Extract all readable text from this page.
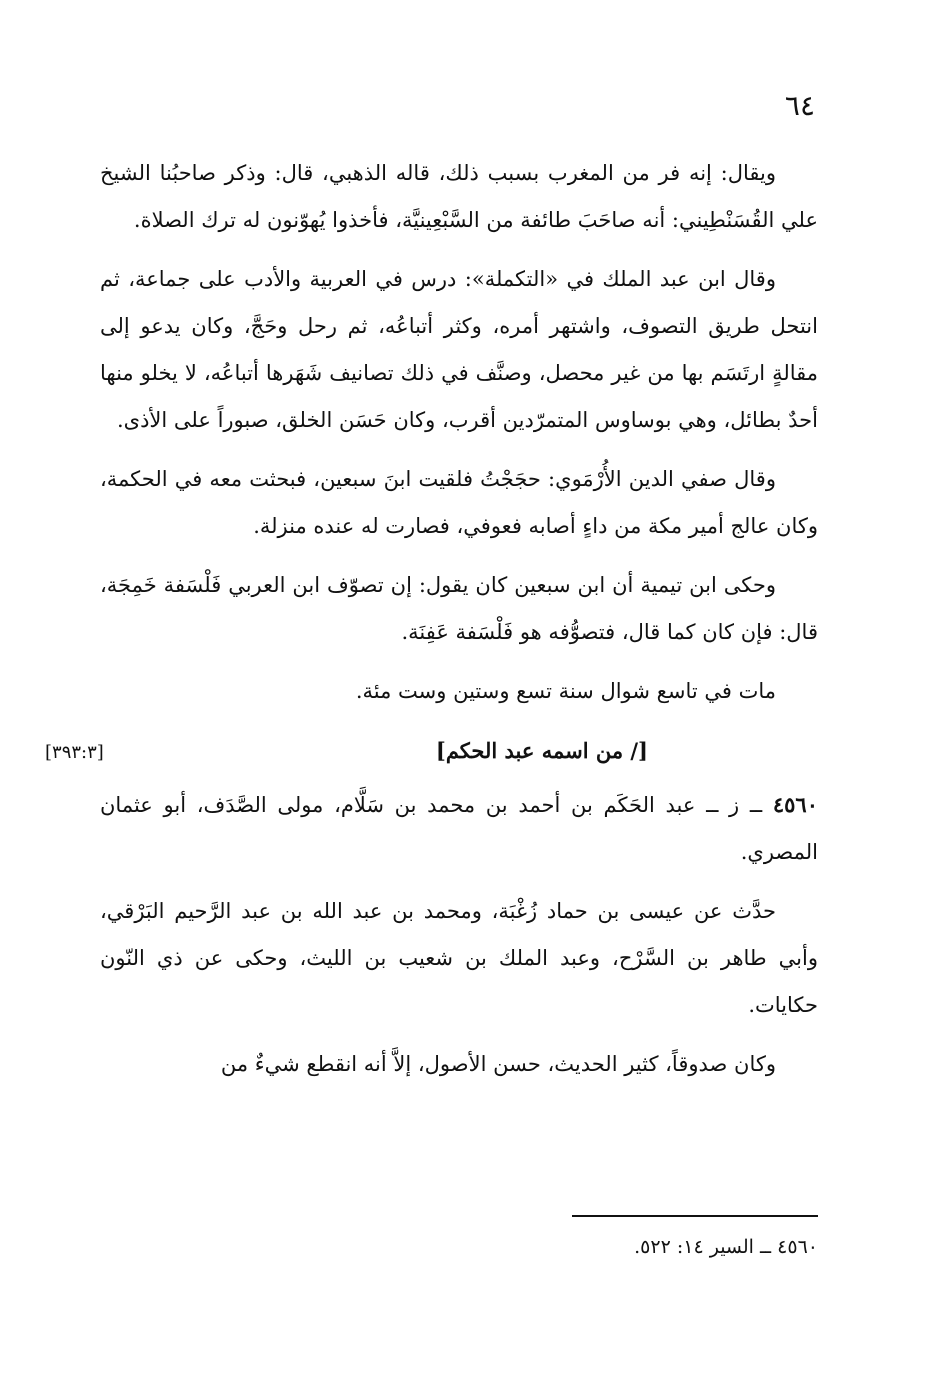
٦٤

ويقال: إنه فر من المغرب بسبب ذلك، قاله الذهبي، قال: وذكر صاحبُنا الشيخ علي القُسَنْطِيني: أنه صاحَبَ طائفة من السَّبْعِينيَّة، فأخذوا يُهوّنون له ترك الصلاة.

وقال ابن عبد الملك في «التكملة»: درس في العربية والأدب على جماعة، ثم انتحل طريق التصوف، واشتهر أمره، وكثر أتباعُه، ثم رحل وحَجَّ، وكان يدعو إلى مقالةٍ ارتَسَم بها من غير محصل، وصنَّف في ذلك تصانيف شَهَرها أتباعُه، لا يخلو منها أحدٌ بطائل، وهي بوساوس المتمرّدين أقرب، وكان حَسَن الخلق، صبوراً على الأذى.

وقال صفي الدين الأُرْمَوي: حجَجْتُ فلقيت ابنَ سبعين، فبحثت معه في الحكمة، وكان عالج أمير مكة من داءٍ أصابه فعوفي، فصارت له عنده منزلة.

وحكى ابن تيمية أن ابن سبعين كان يقول: إن تصوّف ابن العربي فَلْسَفة خَمِجَة، قال: فإن كان كما قال، فتصوُّفه هو فَلْسَفة عَفِنَة.

مات في تاسع شوال سنة تسع وستين وست مئة.

[/ من اسمه عبد الحكم]
[٣٩٣:٣]

٤٥٦٠ ــ ز ــ عبد الحَكَم بن أحمد بن محمد بن سَلَّام، مولى الصَّدَف، أبو عثمان المصري.

حدَّث عن عيسى بن حماد زُغْبَة، ومحمد بن عبد الله بن عبد الرَّحيم البَرْقي، وأبي طاهر بن السَّرْح، وعبد الملك بن شعيب بن الليث، وحكى عن ذي النّون حكايات.

وكان صدوقاً، كثير الحديث، حسن الأصول، إلاَّ أنه انقطع شيءٌ من

٤٥٦٠ ــ السير ١٤: ٥٢٢.
